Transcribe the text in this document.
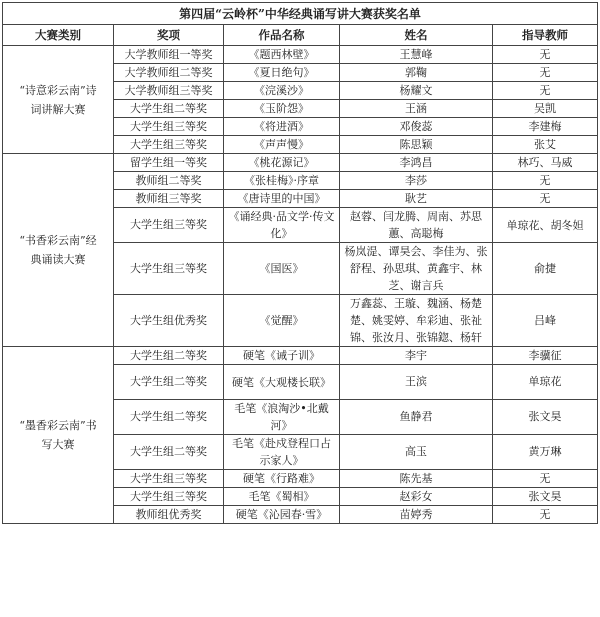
第四届“云岭杯”中华经典诵写讲大赛获奖名单				
大赛类别	奖项	作品名称	姓名	指导教师
“诗意彩云南”诗词讲解大赛	大学教师组一等奖	《题西林壁》	王慧峰	无
	大学教师组二等奖	《夏日绝句》	郭鞠	无
	大学教师组三等奖	《浣溪沙》	杨耀文	无
	大学生组二等奖	《玉阶怨》	王涵	吴凯
	大学生组三等奖	《将进酒》	邓俊蕊	李建梅
	大学生组三等奖	《声声慢》	陈思颖	张艾
“书香彩云南”经典诵读大赛	留学生组一等奖	《桃花源记》	李鸿昌	林巧、马威
	教师组二等奖	《张桂梅》·序章	李莎	无
	教师组三等奖	《唐诗里的中国》	耿艺	无
	大学生组三等奖	《诵经典·品文学·传文化》	赵蓉、闫龙腾、周南、苏思蕙、高聪梅	单琼花、胡冬妲
	大学生组三等奖	《国医》	杨岚湜、谭昊会、李佳为、张舒程、孙思琪、黄鑫宇、林芝、谢言兵	俞捷
	大学生组优秀奖	《觉醒》	万鑫蕊、王璇、魏涵、杨楚楚、姚雯婷、牟彩迪、张祉锦、张汝月、张锦鍃、杨轩	吕峰
“墨香彩云南”书写大赛	大学生组二等奖	硬笔《诫子训》	李宇	李骥征
	大学生组二等奖	硬笔《大观楼长联》	王滨	单琼花
	大学生组二等奖	毛笔《浪淘沙•北戴河》	鱼静君	张文昊
	大学生组二等奖	毛笔《赴戍登程口占示家人》	高玉	黄万琳
	大学生组三等奖	硬笔《行路难》	陈先基	无
	大学生组三等奖	毛笔《蜀相》	赵彩女	张文昊
	教师组优秀奖	硬笔《沁园春·雪》	苗婷秀	无
